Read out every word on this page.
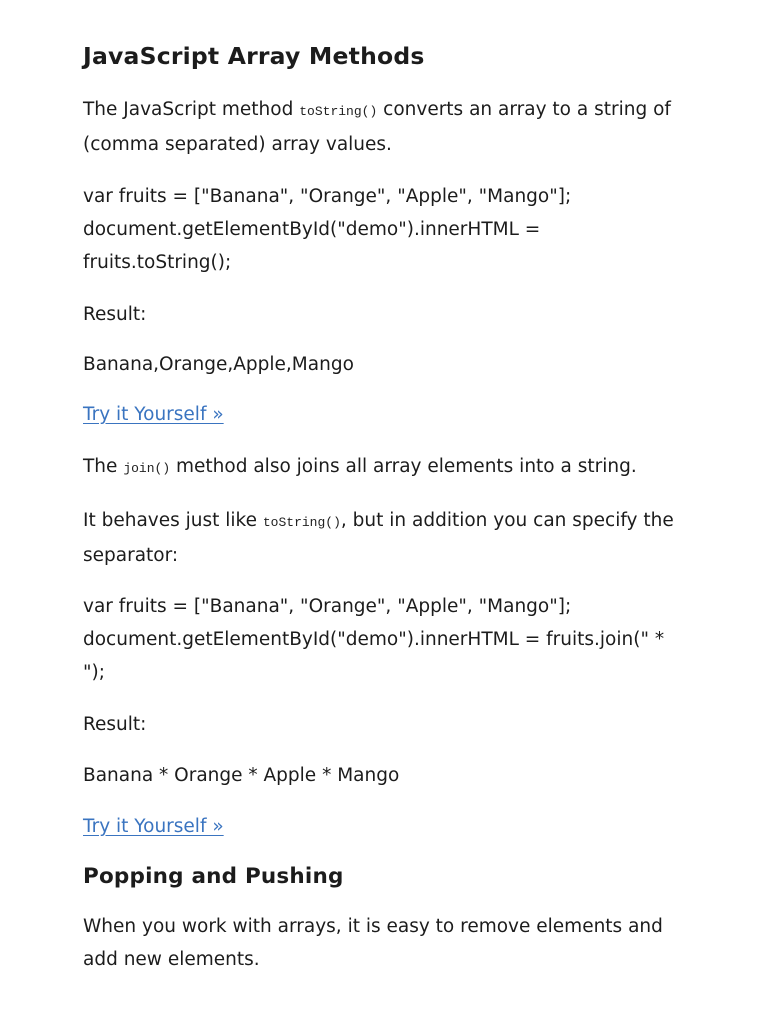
JavaScript Array Methods

The JavaScript method toString() converts an array to a string of (comma separated) array values.

var fruits = ["Banana", "Orange", "Apple", "Mango"];
document.getElementById("demo").innerHTML =
fruits.toString();

Result:

Banana,Orange,Apple,Mango

Try it Yourself »

The join() method also joins all array elements into a string.

It behaves just like toString(), but in addition you can specify the separator:

var fruits = ["Banana", "Orange", "Apple", "Mango"];
document.getElementById("demo").innerHTML = fruits.join(" *
");

Result:

Banana * Orange * Apple * Mango

Try it Yourself »

Popping and Pushing

When you work with arrays, it is easy to remove elements and add new elements.
